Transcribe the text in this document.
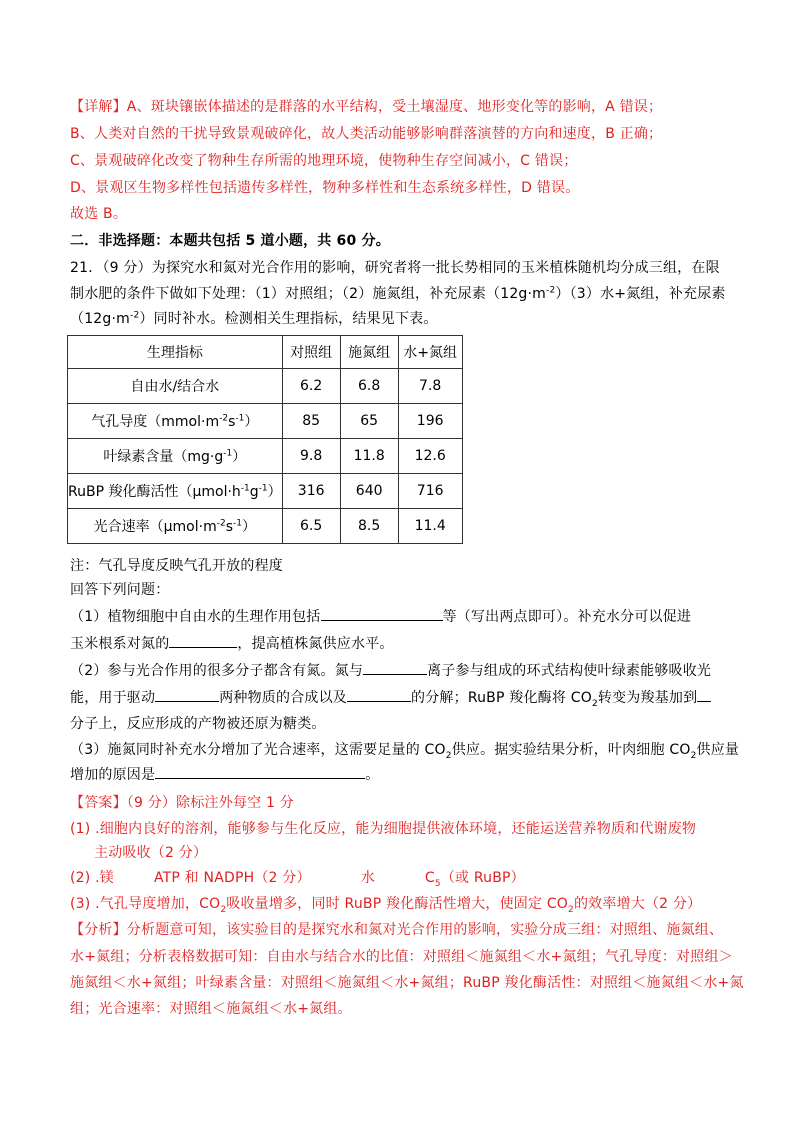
【详解】A、斑块镶嵌体描述的是群落的水平结构，受土壤湿度、地形变化等的影响，A 错误；
B、人类对自然的干扰导致景观破碎化，故人类活动能够影响群落演替的方向和速度，B 正确；
C、景观破碎化改变了物种生存所需的地理环境，使物种生存空间减小，C 错误；
D、景观区生物多样性包括遗传多样性，物种多样性和生态系统多样性，D 错误。
故选 B。
二．非选择题：本题共包括 5 道小题，共 60 分。
21．（9 分）为探究水和氮对光合作用的影响，研究者将一批长势相同的玉米植株随机均分成三组，在限
制水肥的条件下做如下处理：（1）对照组；（2）施氮组，补充尿素$(12g\cdot m^{-2})(3)$水+氮组，补充尿素
$(12g\cdot m^{-2})$同时补水。检测相关生理指标，结果见下表。
生理指标	对照组	施氮组	水+氮组
自由水/结合水	6.2	6.8	7.8
气孔导度$(mmol\cdot m^{-2}s^{-1})$	85	65	196
叶绿素含量$(mg\cdot g^{-1})$	9.8	11.8	12.6
RuBP 羧化酶活性$(\mu mol\cdot h^{-1}g^{-1})$	316	640	716
光合速率$(\mu mol\cdot m^{-2}s^{-1})$	6.5	8.5	11.4
注：气孔导度反映气孔开放的程度
回答下列问题：
（1）植物细胞中自由水的生理作用包括	等（写出两点即可）。补充水分可以促进
玉米根系对氮的	，提高植株氮供应水平。
（2）参与光合作用的很多分子都含有氮。氮与	离子参与组成的环式结构使叶绿素能够吸收光
能，用于驱动	两种物质的合成以及	的分解；RuBP 羧化酶将 $CO_2$转变为羧基加到
分子上，反应形成的产物被还原为糖类。
（3）施氮同时补充水分增加了光合速率，这需要足量的 $CO_2$供应。据实验结果分析，叶肉细胞 $CO_2$供应量
增加的原因是	。
【答案】（9 分）除标注外每空 1 分
(1) .细胞内良好的溶剂，能够参与生化反应，能为细胞提供液体环境，还能运送营养物质和代谢废物
主动吸收（2 分）
(2) .镁	ATP 和 NADPH（2 分）	水	$C_5$（或 RuBP）
(3) .气孔导度增加，$CO_2$吸收量增多，同时 RuBP 羧化酶活性增大，使固定 $CO_2$的效率增大（2 分）
【分析】分析题意可知，该实验目的是探究水和氮对光合作用的影响，实验分成三组：对照组、施氮组、
水+氮组；分析表格数据可知：自由水与结合水的比值：对照组＜施氮组＜水+氮组；气孔导度：对照组＞
施氮组＜水+氮组；叶绿素含量：对照组＜施氮组＜水+氮组；RuBP 羧化酶活性：对照组＜施氮组＜水+氮
组；光合速率：对照组＜施氮组＜水+氮组。
